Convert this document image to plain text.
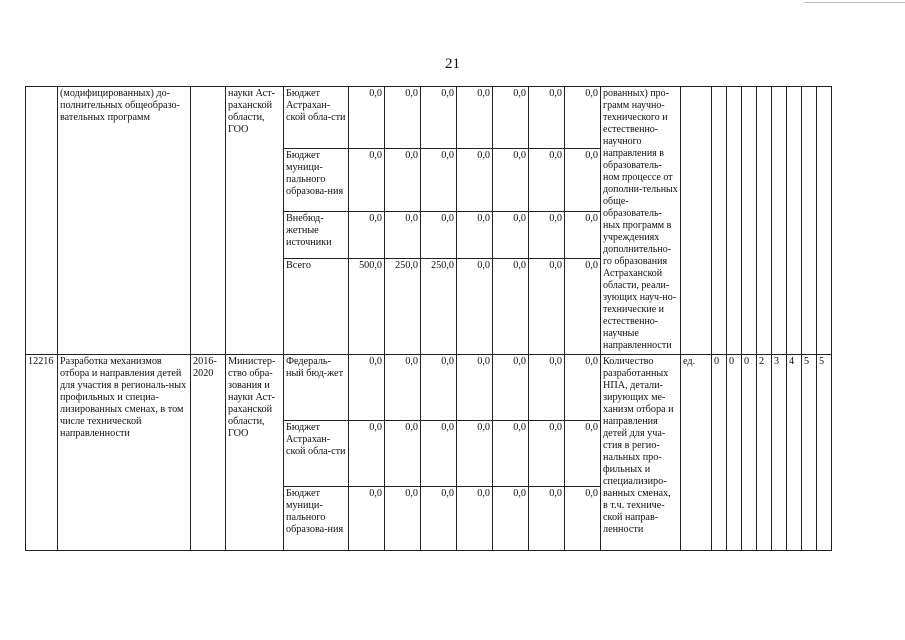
21
	(модифицированных) до-полнительных общеобразо-вательных программ		науки Аст-раханской области, ГОО	Бюджет Астрахан-ской обла-сти	0,0	0,0	0,0	0,0	0,0	0,0	0,0	рованных) про-грамм научно-технического и естественно-научного направления в образователь-ном процессе от дополни-тельных обще-образователь-ных программ в учреждениях дополнительно-го образования Астраханской области, реали-зующих науч-но-технические и естественно-научные направленности									
				Бюджет муници-пального образова-ния	0,0	0,0	0,0	0,0	0,0	0,0	0,0										
				Внебюд-жетные источники	0,0	0,0	0,0	0,0	0,0	0,0	0,0										
				Всего	500,0	250,0	250,0	0,0	0,0	0,0	0,0										
12216	Разработка механизмов отбора и направления детей для участия в региональ-ных профильных и специа-лизированных сменах, в том числе технической направленности	2016-2020	Министер-ство обра-зования и науки Аст-раханской области, ГОО	Федераль-ный бюд-жет	0,0	0,0	0,0	0,0	0,0	0,0	0,0	Количество разработанных НПА, детали-зирующих ме-ханизм отбора и направления детей для уча-стия в регио-нальных про-фильных и специализиро-ванных сменах, в т.ч. техниче-ской направ-ленности	ед.	0	0	0	2	3	4	5	5
				Бюджет Астрахан-ской обла-сти	0,0	0,0	0,0	0,0	0,0	0,0	0,0										
				Бюджет муници-пального образова-ния	0,0	0,0	0,0	0,0	0,0	0,0	0,0										
